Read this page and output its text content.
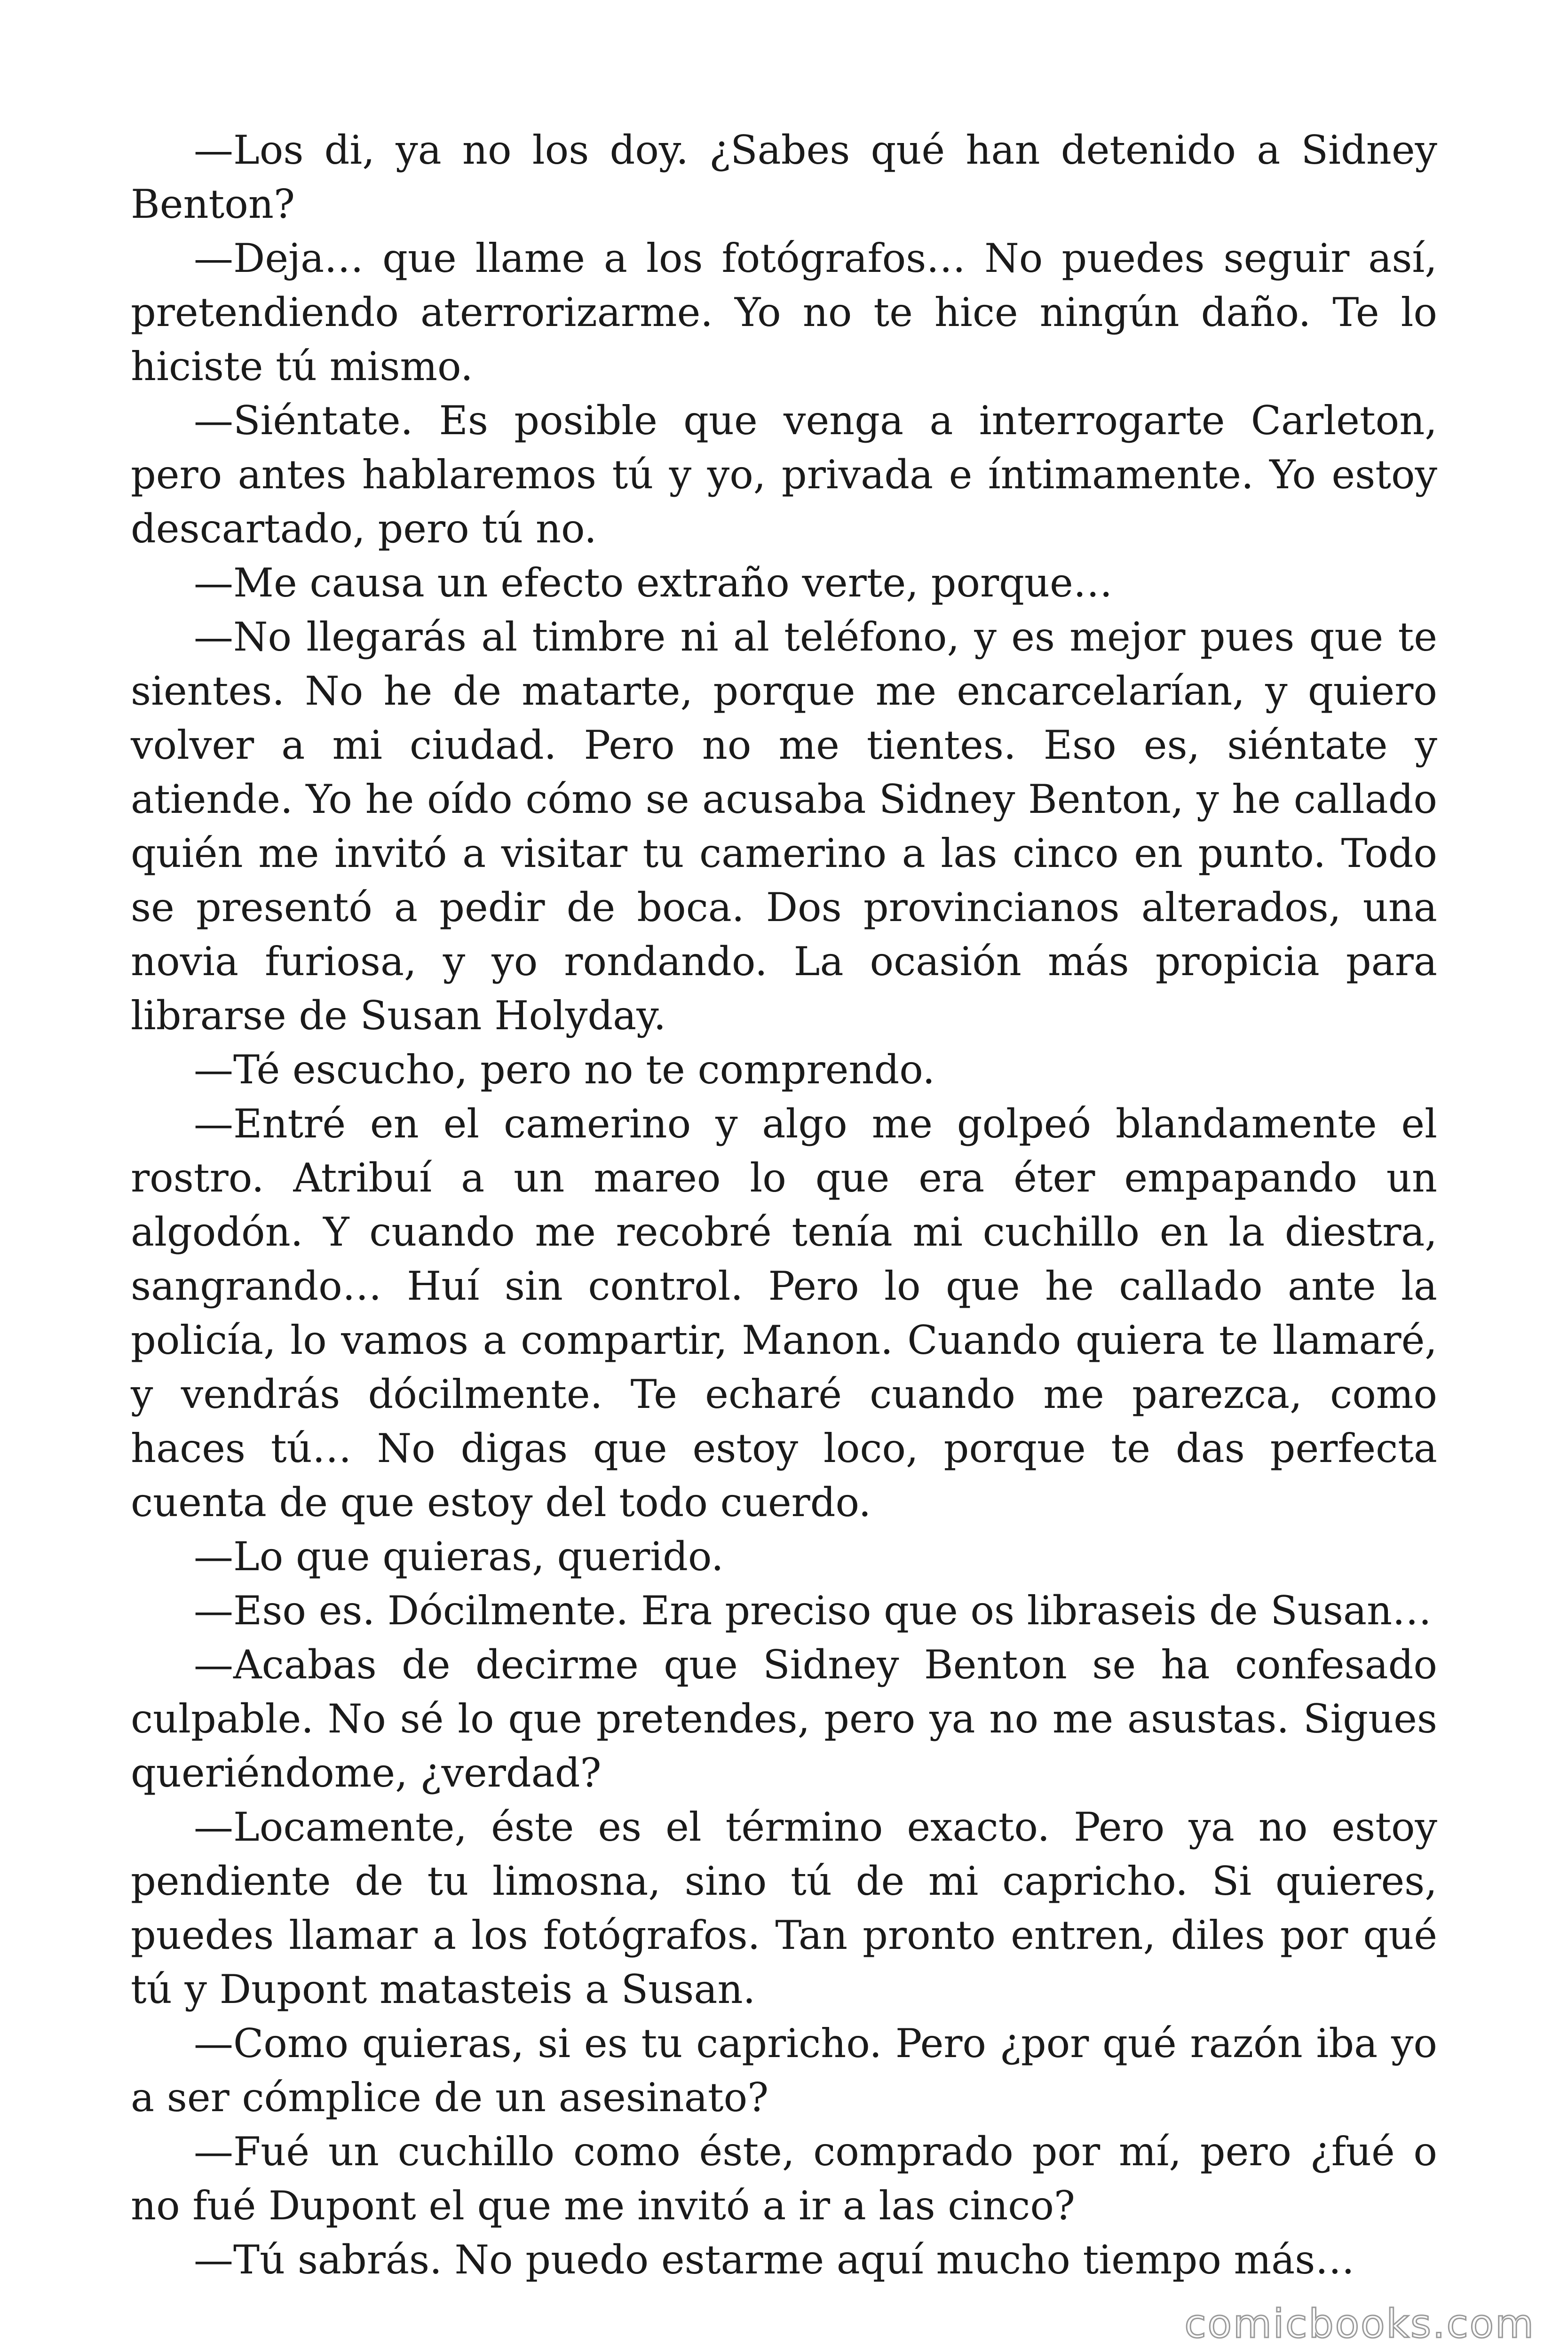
—Los di, ya no los doy. ¿Sabes qué han detenido a Sidney Benton?

—Deja… que llame a los fotógrafos… No puedes seguir así, pretendiendo aterrorizarme. Yo no te hice ningún daño. Te lo hiciste tú mismo.

—Siéntate. Es posible que venga a interrogarte Carleton, pero antes hablaremos tú y yo, privada e íntimamente. Yo estoy descartado, pero tú no.

—Me causa un efecto extraño verte, porque…

—No llegarás al timbre ni al teléfono, y es mejor pues que te sientes. No he de matarte, porque me encarcelarían, y quiero volver a mi ciudad. Pero no me tientes. Eso es, siéntate y atiende. Yo he oído cómo se acusaba Sidney Benton, y he callado quién me invitó a visitar tu camerino a las cinco en punto. Todo se presentó a pedir de boca. Dos provincianos alterados, una novia furiosa, y yo rondando. La ocasión más propicia para librarse de Susan Holyday.

—Té escucho, pero no te comprendo.

—Entré en el camerino y algo me golpeó blandamente el rostro. Atribuí a un mareo lo que era éter empapando un algodón. Y cuando me recobré tenía mi cuchillo en la diestra, sangrando… Huí sin control. Pero lo que he callado ante la policía, lo vamos a compartir, Manon. Cuando quiera te llamaré, y vendrás dócilmente. Te echaré cuando me parezca, como haces tú… No digas que estoy loco, porque te das perfecta cuenta de que estoy del todo cuerdo.

—Lo que quieras, querido.

—Eso es. Dócilmente. Era preciso que os libraseis de Susan…

—Acabas de decirme que Sidney Benton se ha confesado culpable. No sé lo que pretendes, pero ya no me asustas. Sigues queriéndome, ¿verdad?

—Locamente, éste es el término exacto. Pero ya no estoy pendiente de tu limosna, sino tú de mi capricho. Si quieres, puedes llamar a los fotógrafos. Tan pronto entren, diles por qué tú y Dupont matasteis a Susan.

—Como quieras, si es tu capricho. Pero ¿por qué razón iba yo a ser cómplice de un asesinato?

—Fué un cuchillo como éste, comprado por mí, pero ¿fué o no fué Dupont el que me invitó a ir a las cinco?

—Tú sabrás. No puedo estarme aquí mucho tiempo más…

comicbooks.com
